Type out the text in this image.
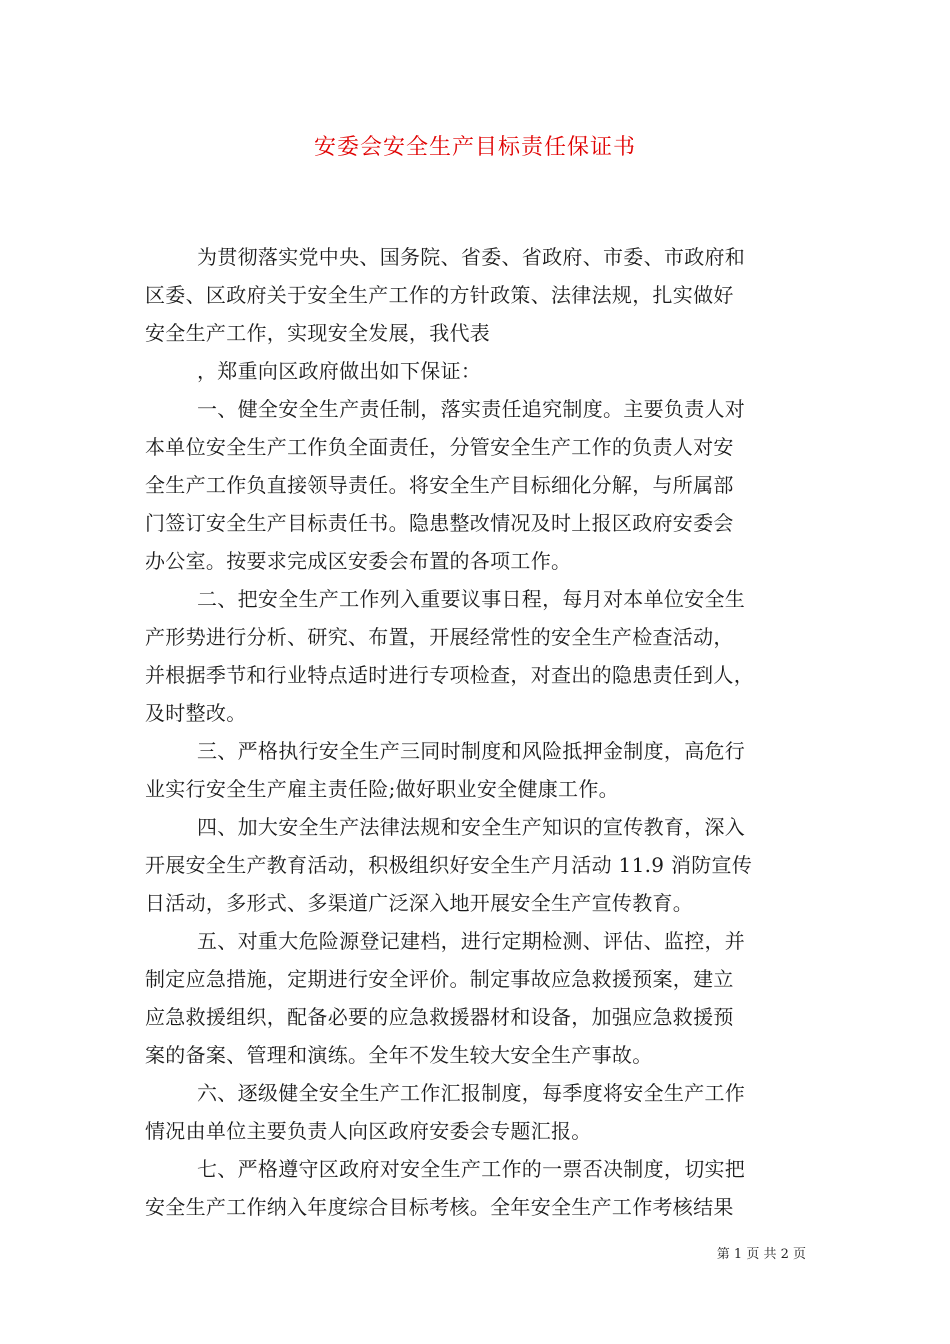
安委会安全生产目标责任保证书
为贯彻落实党中央、国务院、省委、省政府、市委、市政府和
区委、区政府关于安全生产工作的方针政策、法律法规，扎实做好
安全生产工作，实现安全发展，我代表
，郑重向区政府做出如下保证：
一、健全安全生产责任制，落实责任追究制度。主要负责人对
本单位安全生产工作负全面责任，分管安全生产工作的负责人对安
全生产工作负直接领导责任。将安全生产目标细化分解，与所属部
门签订安全生产目标责任书。隐患整改情况及时上报区政府安委会
办公室。按要求完成区安委会布置的各项工作。
二、把安全生产工作列入重要议事日程，每月对本单位安全生
产形势进行分析、研究、布置，开展经常性的安全生产检查活动，
并根据季节和行业特点适时进行专项检查，对查出的隐患责任到人，
及时整改。
三、严格执行安全生产三同时制度和风险抵押金制度，高危行
业实行安全生产雇主责任险;做好职业安全健康工作。
四、加大安全生产法律法规和安全生产知识的宣传教育，深入
开展安全生产教育活动，积极组织好安全生产月活动 11.9 消防宣传
日活动，多形式、多渠道广泛深入地开展安全生产宣传教育。
五、对重大危险源登记建档，进行定期检测、评估、监控，并
制定应急措施，定期进行安全评价。制定事故应急救援预案，建立
应急救援组织，配备必要的应急救援器材和设备，加强应急救援预
案的备案、管理和演练。全年不发生较大安全生产事故。
六、逐级健全安全生产工作汇报制度，每季度将安全生产工作
情况由单位主要负责人向区政府安委会专题汇报。
七、严格遵守区政府对安全生产工作的一票否决制度，切实把
安全生产工作纳入年度综合目标考核。全年安全生产工作考核结果
第 1 页 共 2 页
